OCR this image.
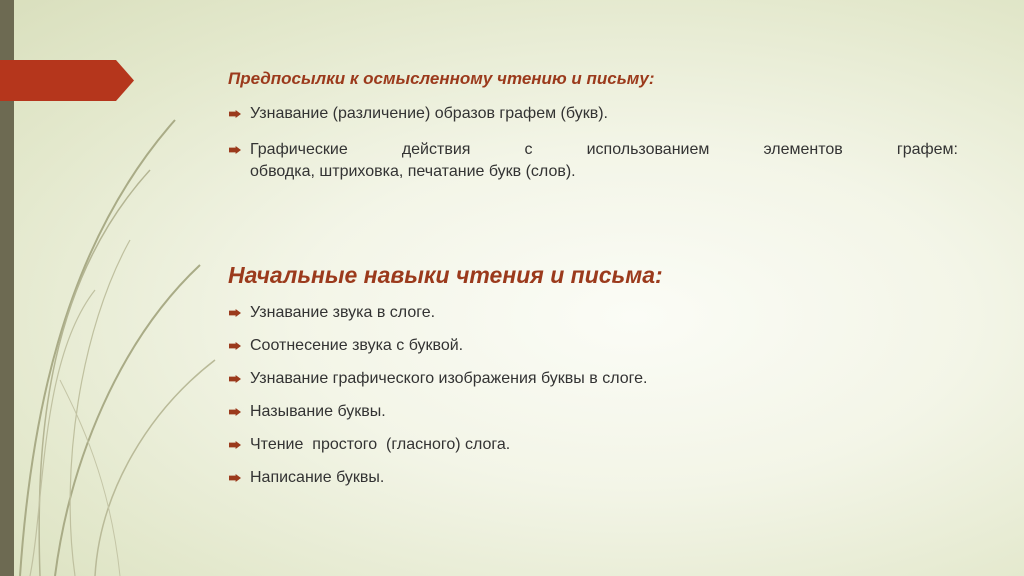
Предпосылки к осмысленному чтению и письму:
Узнавание (различение) образов графем (букв).
Графические действия с использованием элементов графем:
обводка, штриховка, печатание букв (слов).
Начальные навыки чтения и письма:
Узнавание звука в слоге.
Соотнесение звука с буквой.
Узнавание графического изображения буквы в слоге.
Называние буквы.
Чтение  простого  (гласного) слога.
Написание буквы.
